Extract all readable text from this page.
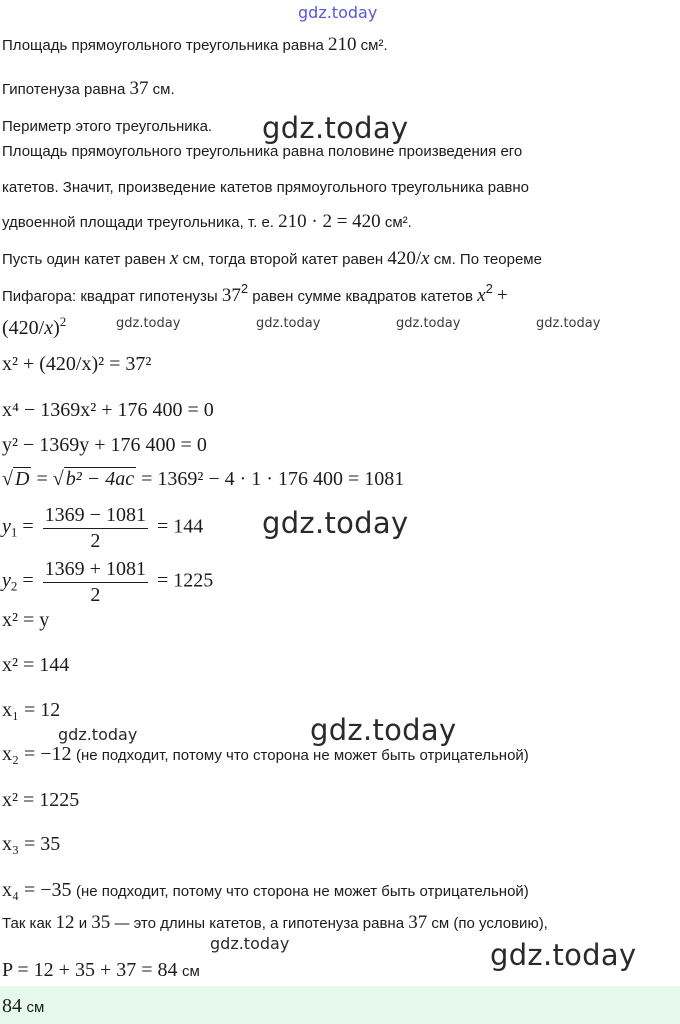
gdz.today
gdz.today
gdz.today	gdz.today	gdz.today	gdz.today
gdz.today
gdz.today	gdz.today
gdz.today	gdz.today
Площадь прямоугольного треугольника равна 210 см².
Гипотенуза равна 37 см.
Периметр этого треугольника.
Площадь прямоугольного треугольника равна половине произведения его
катетов. Значит, произведение катетов прямоугольного треугольника равно
удвоенной площади треугольника, т. е. 210 · 2 = 420 см².
Пусть один катет равен x см, тогда второй катет равен 420/x см. По теореме
Пифагора: квадрат гипотенузы $37^2$ равен сумме квадратов катетов $x^2$ +
$(420/x)^2$
x² + (420/x)² = 37²
x⁴ − 1369x² + 176 400 = 0
y² − 1369y + 176 400 = 0
√ D = √ b² − 4ac = 1369² − 4 · 1 · 176 400 = 1081
$y_1 = \frac{1369 - 1081}{2} = 144$
$y_2 = \frac{1369 + 1081}{2} = 1225$
x² = y
x² = 144
x₁ = 12
x₂ = −12 (не подходит, потому что сторона не может быть отрицательной)
x² = 1225
x₃ = 35
x₄ = −35 (не подходит, потому что сторона не может быть отрицательной)
Так как 12 и 35 — это длины катетов, а гипотенуза равна 37 см (по условию),
P = 12 + 35 + 37 = 84 см
84 см
